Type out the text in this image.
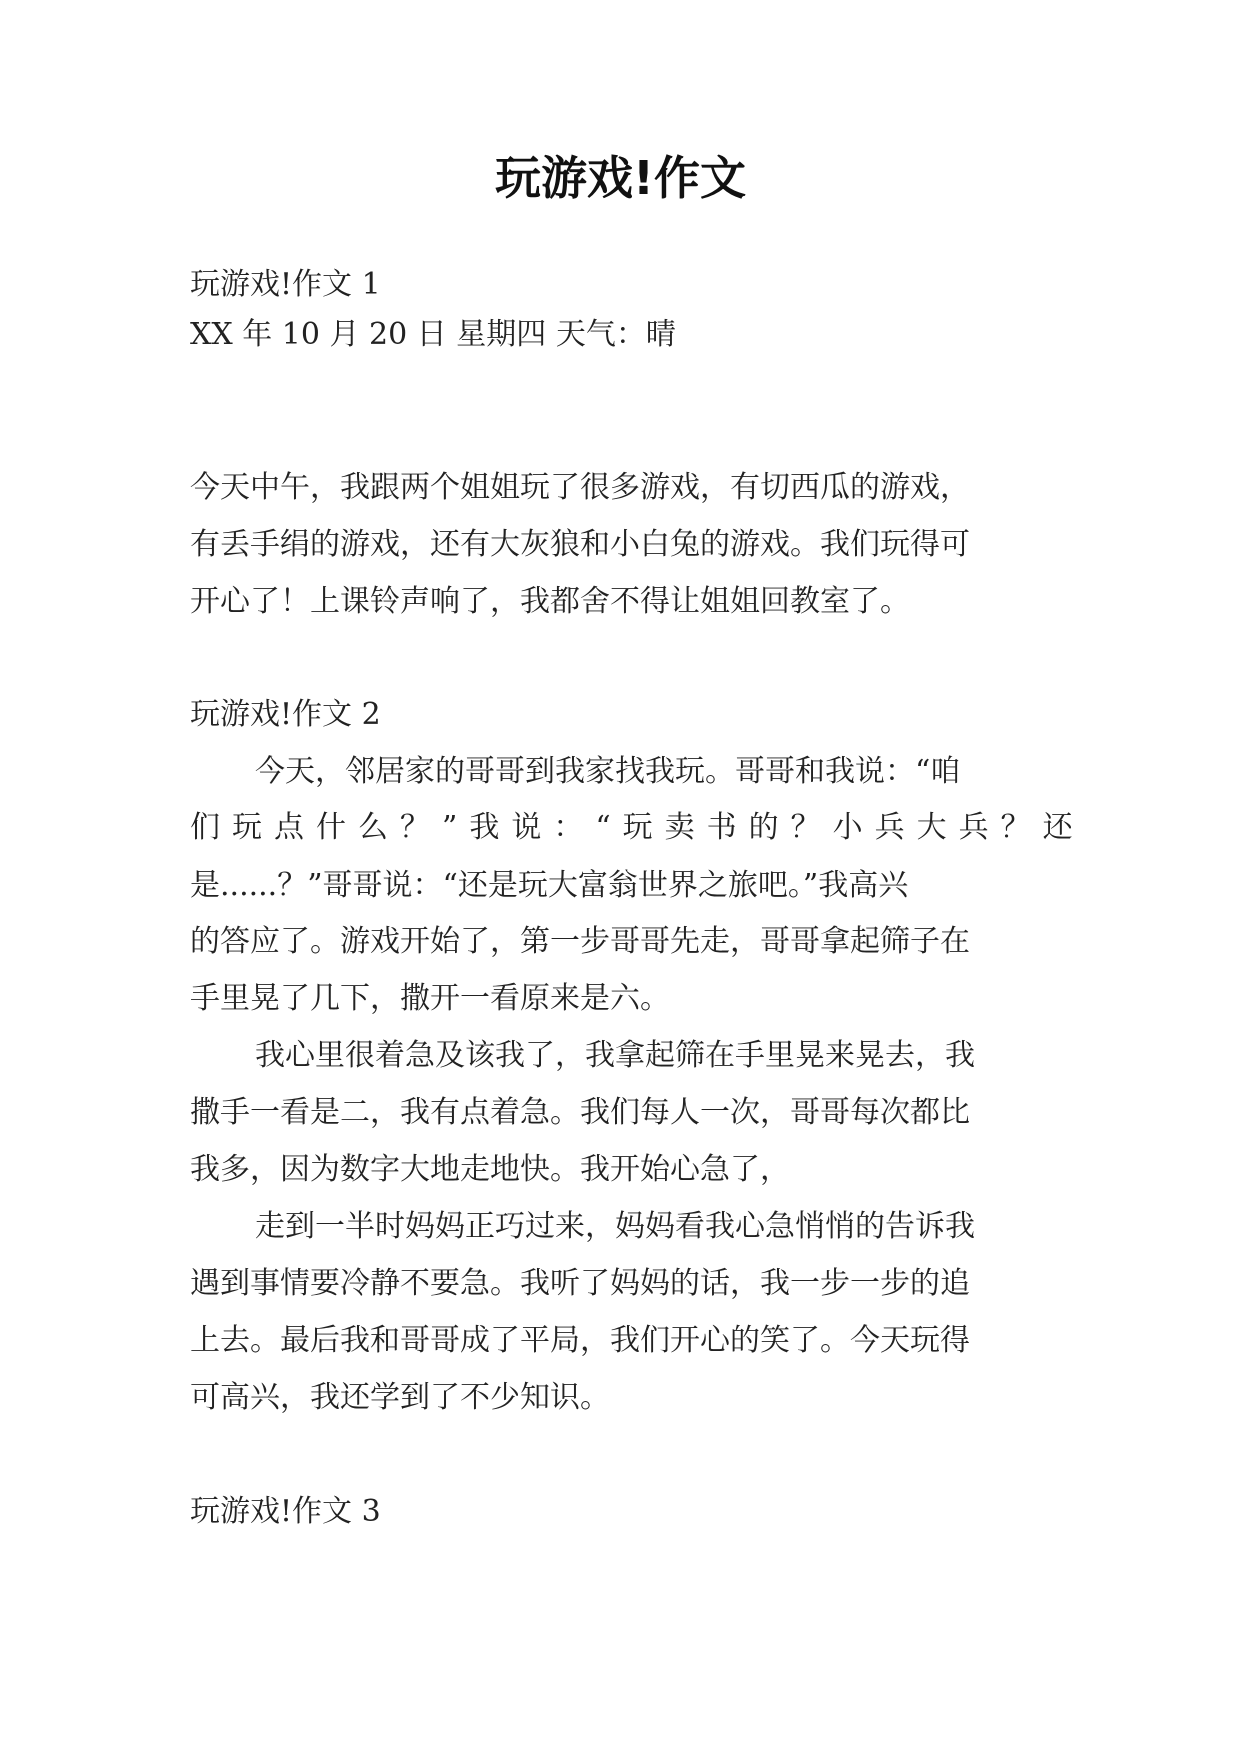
玩游戏!作文
玩游戏!作文 1
XX 年 10 月 20 日 星期四 天气：晴
今天中午，我跟两个姐姐玩了很多游戏，有切西瓜的游戏，
有丢手绢的游戏，还有大灰狼和小白兔的游戏。我们玩得可
开心了！上课铃声响了，我都舍不得让姐姐回教室了。
玩游戏!作文 2
今天，邻居家的哥哥到我家找我玩。哥哥和我说：“咱
们玩点什么？”我说：“玩卖书的？小兵大兵？还
是......？”哥哥说：“还是玩大富翁世界之旅吧。”我高兴
的答应了。游戏开始了，第一步哥哥先走，哥哥拿起筛子在
手里晃了几下，撒开一看原来是六。
我心里很着急及该我了，我拿起筛在手里晃来晃去，我
撒手一看是二，我有点着急。我们每人一次，哥哥每次都比
我多，因为数字大地走地快。我开始心急了，
走到一半时妈妈正巧过来，妈妈看我心急悄悄的告诉我
遇到事情要冷静不要急。我听了妈妈的话，我一步一步的追
上去。最后我和哥哥成了平局，我们开心的笑了。今天玩得
可高兴，我还学到了不少知识。
玩游戏!作文 3
